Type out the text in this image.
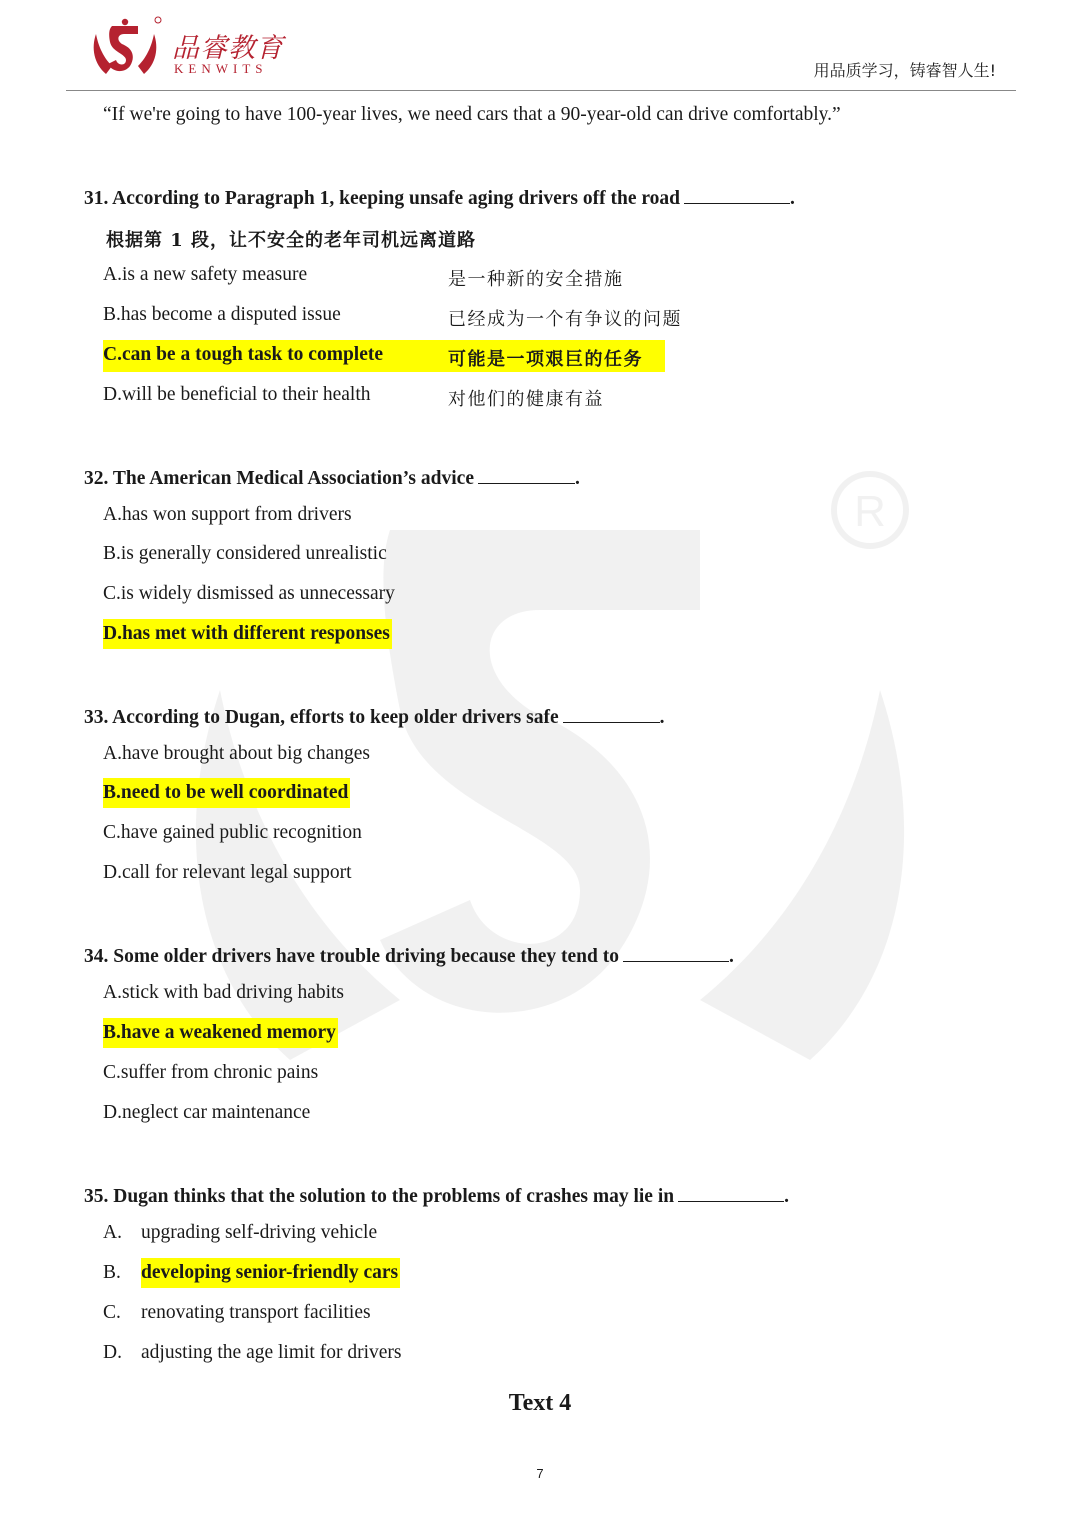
品睿教育
KENWITS	用品质学习，铸睿智人生!
R
“If we're going to have 100-year lives, we need cars that a 90-year-old can drive comfortably.”
31. According to Paragraph 1, keeping unsafe aging drivers off the road	.
根据第 1 段，让不安全的老年司机远离道路
A.is a new safety measure	是一种新的安全措施
B.has become a disputed issue	已经成为一个有争议的问题
C.can be a tough task to complete	可能是一项艰巨的任务
D.will be beneficial to their health	对他们的健康有益
32. The American Medical Association’s advice	.
A.has won support from drivers
B.is generally considered unrealistic
C.is widely dismissed as unnecessary
D.has met with different responses
33. According to Dugan, efforts to keep older drivers safe	.
A.have brought about big changes
B.need to be well coordinated
C.have gained public recognition
D.call for relevant legal support
34. Some older drivers have trouble driving because they tend to	.
A.stick with bad driving habits
B.have a weakened memory
C.suffer from chronic pains
D.neglect car maintenance
35. Dugan thinks that the solution to the problems of crashes may lie in	.
A. upgrading self-driving vehicle
B. developing senior-friendly cars
C. renovating transport facilities
D. adjusting the age limit for drivers
Text 4
7
